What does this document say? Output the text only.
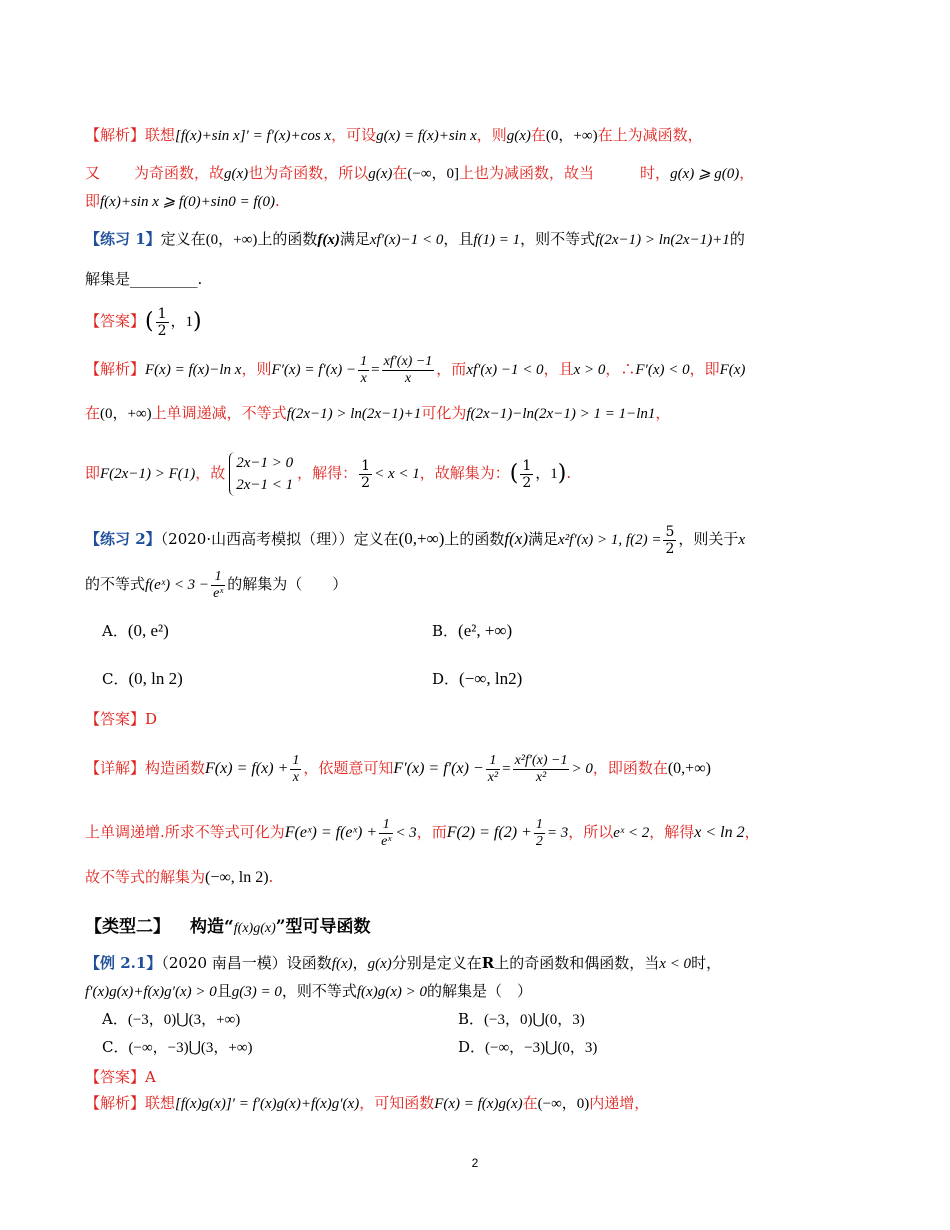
【解析】联想[f(x)+sin x]′ = f′(x)+cos x，可设g(x) = f(x)+sin x，则g(x)在(0，+∞)在上为减函数，
又 为奇函数，故g(x)也为奇函数，所以g(x)在(−∞，0]上也为减函数，故当	时，g(x) ⩾ g(0)，
即f(x)+sin x ⩾ f(0)+sin0 = f(0).
【练习 1】定义在(0，+∞)上的函数f(x)满足xf′(x)−1 < 0，且f(1) = 1，则不等式f(2x−1) > ln(2x−1)+1的
解集是_________.
【答案】( $\frac{1}{2}$ ，1)
【解析】F(x) = f(x)−ln x，则$F'(x) = f'(x) - \frac{1}{x} = \frac{xf'(x) -1}{x}$ ，而xf′(x) −1 < 0，且x > 0，∴F′(x) < 0，即F(x)
在(0，+∞)上单调递减，不等式f(2x−1) > ln(2x−1)+1可化为f(2x−1)−ln(2x−1) > 1 = 1−ln1，
即F(2x−1) > F(1)，故
2x−1 > 0
2x−1 < 1
，解得： $\frac{1}{2} < x < 1$，故解集为：( $\frac{1}{2}$ ，1).
【练习 2】（2020·山西高考模拟（理））定义在(0,+∞)上的函数f(x)满足x²f′(x) > 1, $f(2) = \frac{5}{2}$ ，则关于x
的不等式f(eˣ) < $3 - \frac{1}{\text{eˣ}}$ 的解集为（　　）
A．(0, e²)	B．(e², +∞)
C．(0, ln 2)	D．(−∞, ln2)
【答案】D
【详解】构造函数$F(x) = f(x) + \frac{1}{x}$ ，依题意可知$F'(x) = f'(x) - \frac{1}{\text{x²}} = \frac{\text{x²f′(x) −1}}{\text{x²}} > 0$，即函数在(0,+∞)
上单调递增.所求不等式可化为F(eˣ) = f(eˣ) + $\frac{1}{\text{eˣ}} < 3$，而$F(2) = f(2) + \frac{1}{2} = 3$，所以eˣ < 2，解得x < ln 2，
故不等式的解集为(−∞, ln 2).
【类型二】 构造“f(x)g(x)”型可导函数
【例 2.1】（2020 南昌一模）设函数f(x)，g(x)分别是定义在R上的奇函数和偶函数，当x < 0时，
f′(x)g(x)+f(x)g′(x) > 0且g(3) = 0，则不等式f(x)g(x) > 0的解集是（　）
A．(−3，0)⋃(3，+∞)	B．(−3，0)⋃(0，3)
C．(−∞，−3)⋃(3，+∞)	D．(−∞，−3)⋃(0，3)
【答案】A
【解析】联想[f(x)g(x)]′ = f′(x)g(x)+f(x)g′(x)，可知函数F(x) = f(x)g(x)在(−∞，0)内递增，
2
